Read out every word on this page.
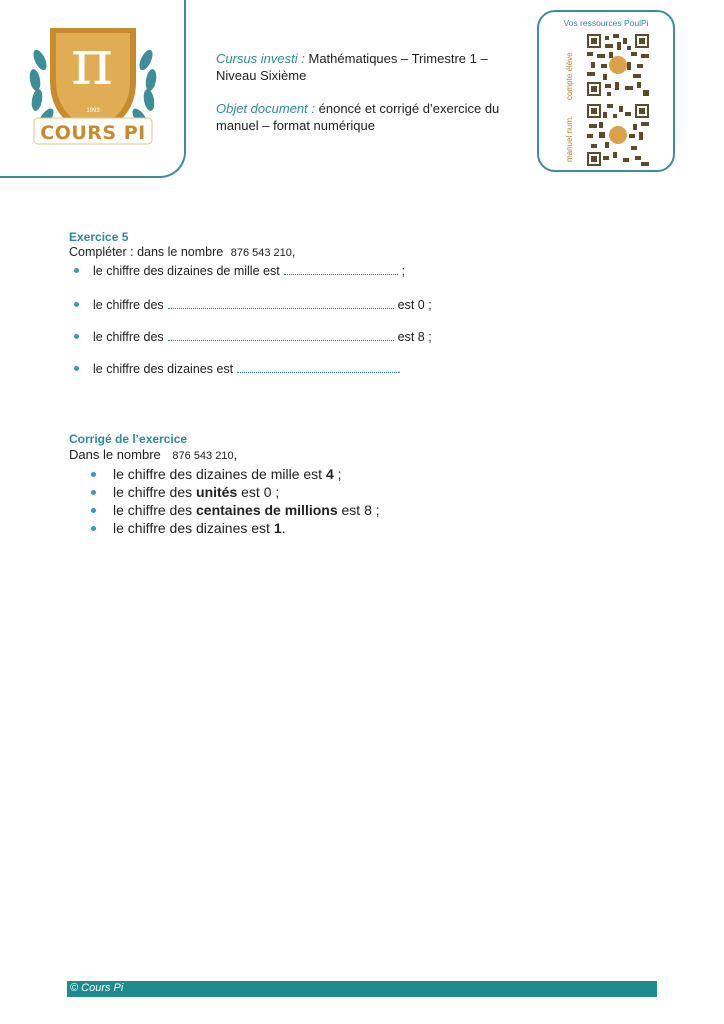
π
1993
COURS PI

Cursus investi : Mathématiques – Trimestre 1 – Niveau Sixième

Objet document : énoncé et corrigé d’exercice du manuel – format numérique

Vos ressources PoulPi
compte élève
manuel num.
Exercice 5

Compléter : dans le nombre 876 543 210,

le chiffre des dizaines de mille est	;
le chiffre des	est 0 ;
le chiffre des	est 8 ;
le chiffre des dizaines est	.
Corrigé de l’exercice

Dans le nombre 876 543 210,

le chiffre des dizaines de mille est 4 ;
le chiffre des unités est 0 ;
le chiffre des centaines de millions est 8 ;
le chiffre des dizaines est 1.
© Cours Pi
